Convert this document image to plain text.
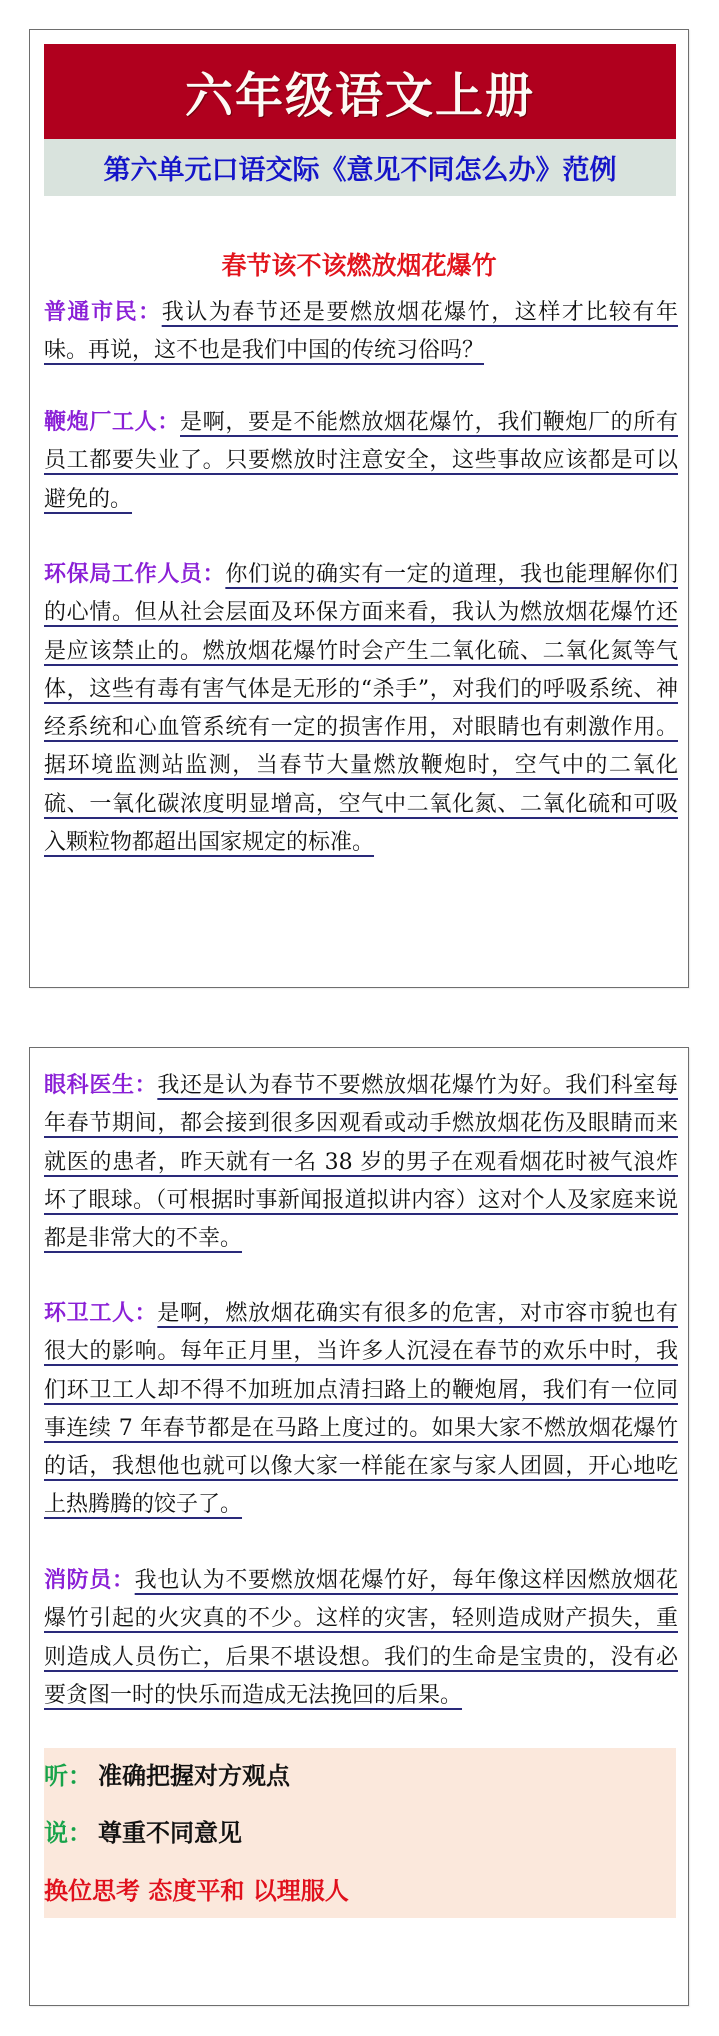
六年级语文上册
第六单元口语交际《意见不同怎么办》范例
春节该不该燃放烟花爆竹

普通市民：我认为春节还是要燃放烟花爆竹，这样才比较有年味。再说，这不也是我们中国的传统习俗吗？

鞭炮厂工人：是啊，要是不能燃放烟花爆竹，我们鞭炮厂的所有员工都要失业了。只要燃放时注意安全，这些事故应该都是可以避免的。

环保局工作人员：你们说的确实有一定的道理，我也能理解你们的心情。但从社会层面及环保方面来看，我认为燃放烟花爆竹还是应该禁止的。燃放烟花爆竹时会产生二氧化硫、二氧化氮等气体，这些有毒有害气体是无形的“杀手”，对我们的呼吸系统、神经系统和心血管系统有一定的损害作用，对眼睛也有刺激作用。据环境监测站监测，当春节大量燃放鞭炮时，空气中的二氧化硫、一氧化碳浓度明显增高，空气中二氧化氮、二氧化硫和可吸入颗粒物都超出国家规定的标准。

眼科医生：我还是认为春节不要燃放烟花爆竹为好。我们科室每年春节期间，都会接到很多因观看或动手燃放烟花伤及眼睛而来就医的患者，昨天就有一名 38 岁的男子在观看烟花时被气浪炸坏了眼球。（可根据时事新闻报道拟讲内容）这对个人及家庭来说都是非常大的不幸。

环卫工人：是啊，燃放烟花确实有很多的危害，对市容市貌也有很大的影响。每年正月里，当许多人沉浸在春节的欢乐中时，我们环卫工人却不得不加班加点清扫路上的鞭炮屑，我们有一位同事连续 7 年春节都是在马路上度过的。如果大家不燃放烟花爆竹的话，我想他也就可以像大家一样能在家与家人团圆，开心地吃上热腾腾的饺子了。

消防员：我也认为不要燃放烟花爆竹好，每年像这样因燃放烟花爆竹引起的火灾真的不少。这样的灾害，轻则造成财产损失，重则造成人员伤亡，后果不堪设想。我们的生命是宝贵的，没有必要贪图一时的快乐而造成无法挽回的后果。

听： 准确把握对方观点
说： 尊重不同意见
换位思考 态度平和 以理服人
